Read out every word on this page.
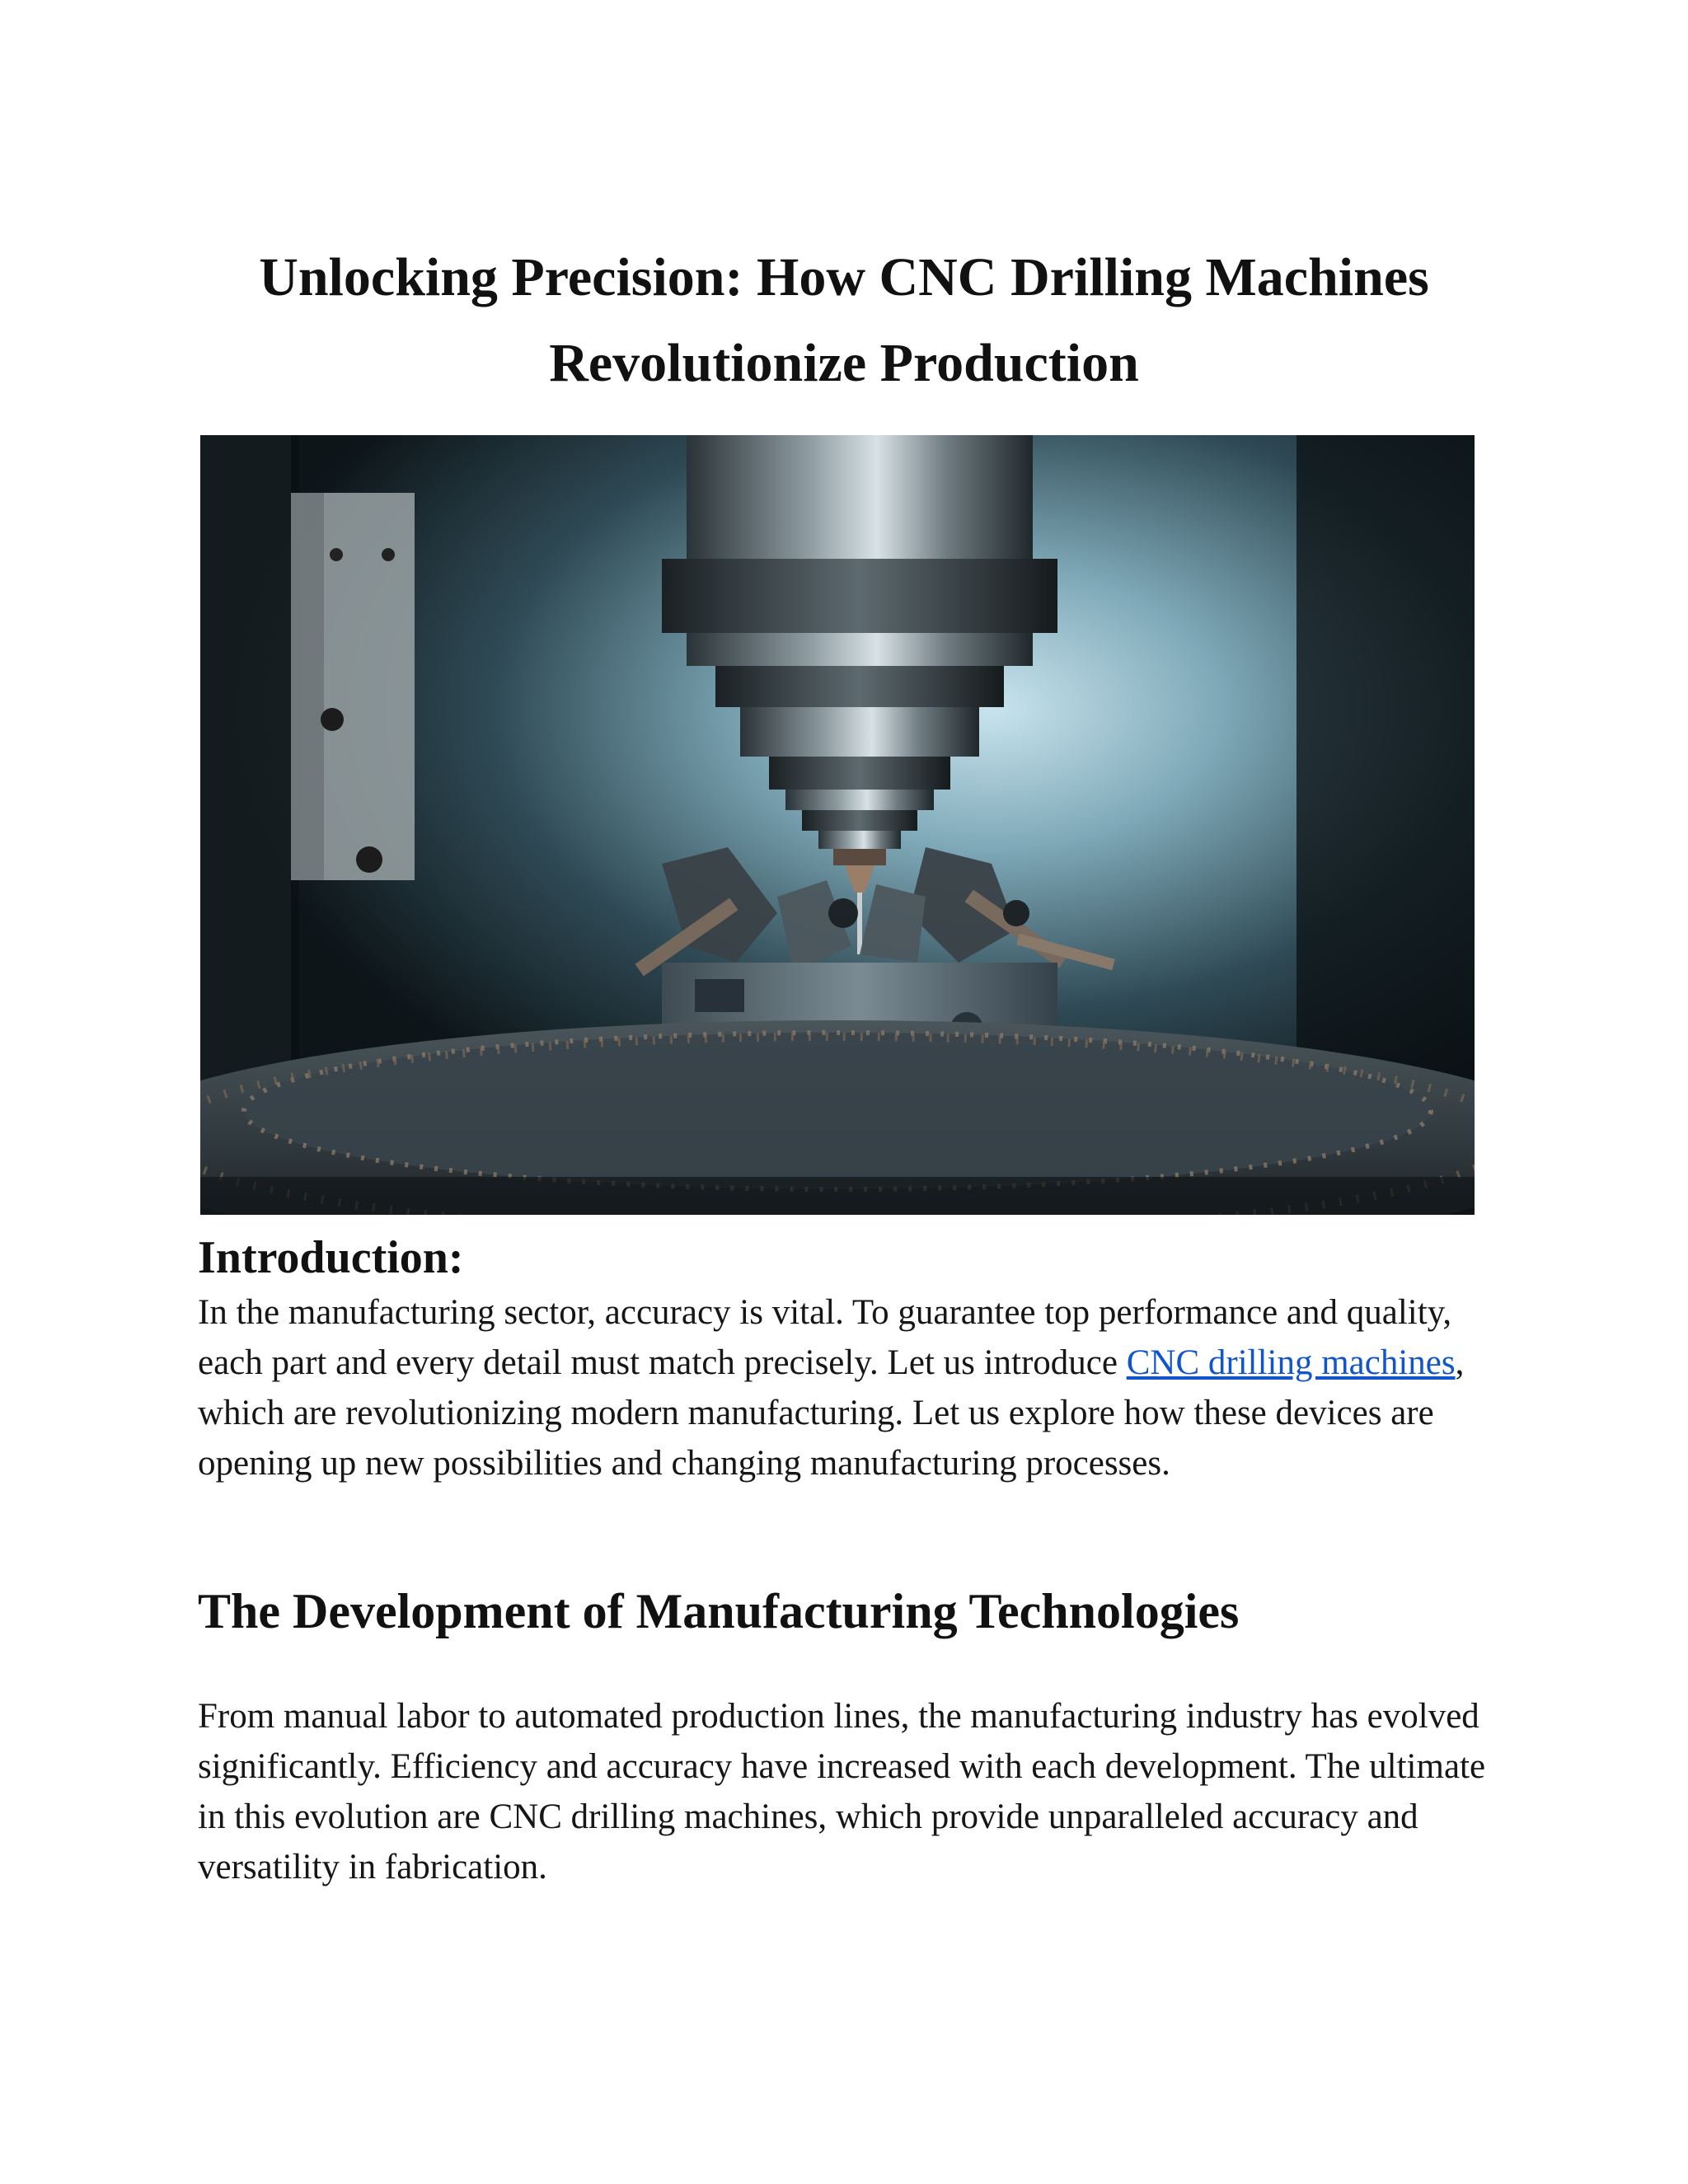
Unlocking Precision: How CNC Drilling Machines Revolutionize Production
Introduction:

In the manufacturing sector, accuracy is vital. To guarantee top performance and quality, each part and every detail must match precisely. Let us introduce CNC drilling machines, which are revolutionizing modern manufacturing. Let us explore how these devices are opening up new possibilities and changing manufacturing processes.

The Development of Manufacturing Technologies

From manual labor to automated production lines, the manufacturing industry has evolved significantly. Efficiency and accuracy have increased with each development. The ultimate in this evolution are CNC drilling machines, which provide unparalleled accuracy and versatility in fabrication.
